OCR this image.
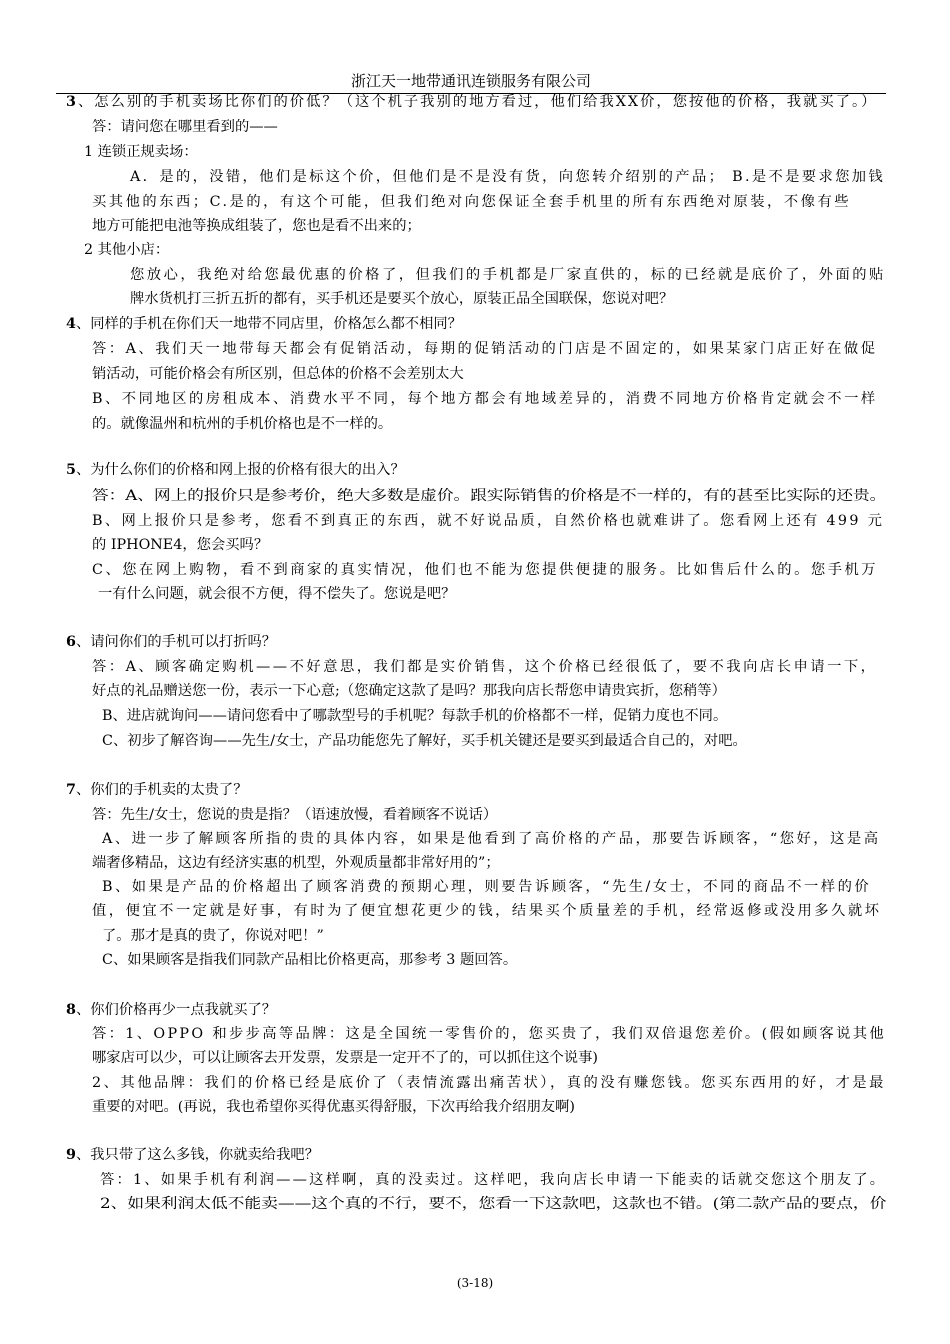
浙江天一地带通讯连锁服务有限公司
3、怎么别的手机卖场比你们的价低？（这个机子我别的地方看过，他们给我XX价，您按他的价格，我就买了。）
答：请问您在哪里看到的——
1 连锁正规卖场：
A．是的，没错，他们是标这个价，但他们是不是没有货，向您转介绍别的产品； B.是不是要求您加钱
买其他的东西；C.是的，有这个可能，但我们绝对向您保证全套手机里的所有东西绝对原装，不像有些
地方可能把电池等换成组装了，您也是看不出来的；
2 其他小店：
您放心，我绝对给您最优惠的价格了，但我们的手机都是厂家直供的，标的已经就是底价了，外面的贴
牌水货机打三折五折的都有，买手机还是要买个放心，原装正品全国联保，您说对吧？
4、同样的手机在你们天一地带不同店里，价格怎么都不相同？
答：A、我们天一地带每天都会有促销活动，每期的促销活动的门店是不固定的，如果某家门店正好在做促
销活动，可能价格会有所区别，但总体的价格不会差别太大
B、不同地区的房租成本、消费水平不同，每个地方都会有地域差异的，消费不同地方价格肯定就会不一样
的。就像温州和杭州的手机价格也是不一样的。
5、为什么你们的价格和网上报的价格有很大的出入？
答：A、网上的报价只是参考价，绝大多数是虚价。跟实际销售的价格是不一样的，有的甚至比实际的还贵。
B、网上报价只是参考，您看不到真正的东西，就不好说品质，自然价格也就难讲了。您看网上还有 499 元
的 IPHONE4，您会买吗？
C、您在网上购物，看不到商家的真实情况，他们也不能为您提供便捷的服务。比如售后什么的。您手机万
一有什么问题，就会很不方便，得不偿失了。您说是吧？
6、请问你们的手机可以打折吗？
答：A、顾客确定购机——不好意思，我们都是实价销售，这个价格已经很低了，要不我向店长申请一下，
好点的礼品赠送您一份，表示一下心意;（您确定这款了是吗？那我向店长帮您申请贵宾折，您稍等）
B、进店就询问——请问您看中了哪款型号的手机呢？每款手机的价格都不一样，促销力度也不同。
C、初步了解咨询——先生/女士，产品功能您先了解好，买手机关键还是要买到最适合自己的，对吧。
7、你们的手机卖的太贵了？
答：先生/女士，您说的贵是指？（语速放慢，看着顾客不说话）
A、进一步了解顾客所指的贵的具体内容，如果是他看到了高价格的产品，那要告诉顾客，“您好，这是高
端奢侈精品，这边有经济实惠的机型，外观质量都非常好用的”；
B、如果是产品的价格超出了顾客消费的预期心理，则要告诉顾客，“先生/女士，不同的商品不一样的价
值，便宜不一定就是好事，有时为了便宜想花更少的钱，结果买个质量差的手机，经常返修或没用多久就坏
了。那才是真的贵了，你说对吧！”
C、如果顾客是指我们同款产品相比价格更高，那参考 3 题回答。
8、你们价格再少一点我就买了？
答：1、OPPO 和步步高等品牌：这是全国统一零售价的，您买贵了，我们双倍退您差价。(假如顾客说其他
哪家店可以少，可以让顾客去开发票，发票是一定开不了的，可以抓住这个说事)
2、其他品牌：我们的价格已经是底价了（表情流露出痛苦状），真的没有赚您钱。您买东西用的好，才是最
重要的对吧。(再说，我也希望你买得优惠买得舒服，下次再给我介绍朋友啊)
9、我只带了这么多钱，你就卖给我吧？
答：1、如果手机有利润——这样啊，真的没卖过。这样吧，我向店长申请一下能卖的话就交您这个朋友了。
2、如果利润太低不能卖——这个真的不行，要不，您看一下这款吧，这款也不错。(第二款产品的要点，价
(3-18)
